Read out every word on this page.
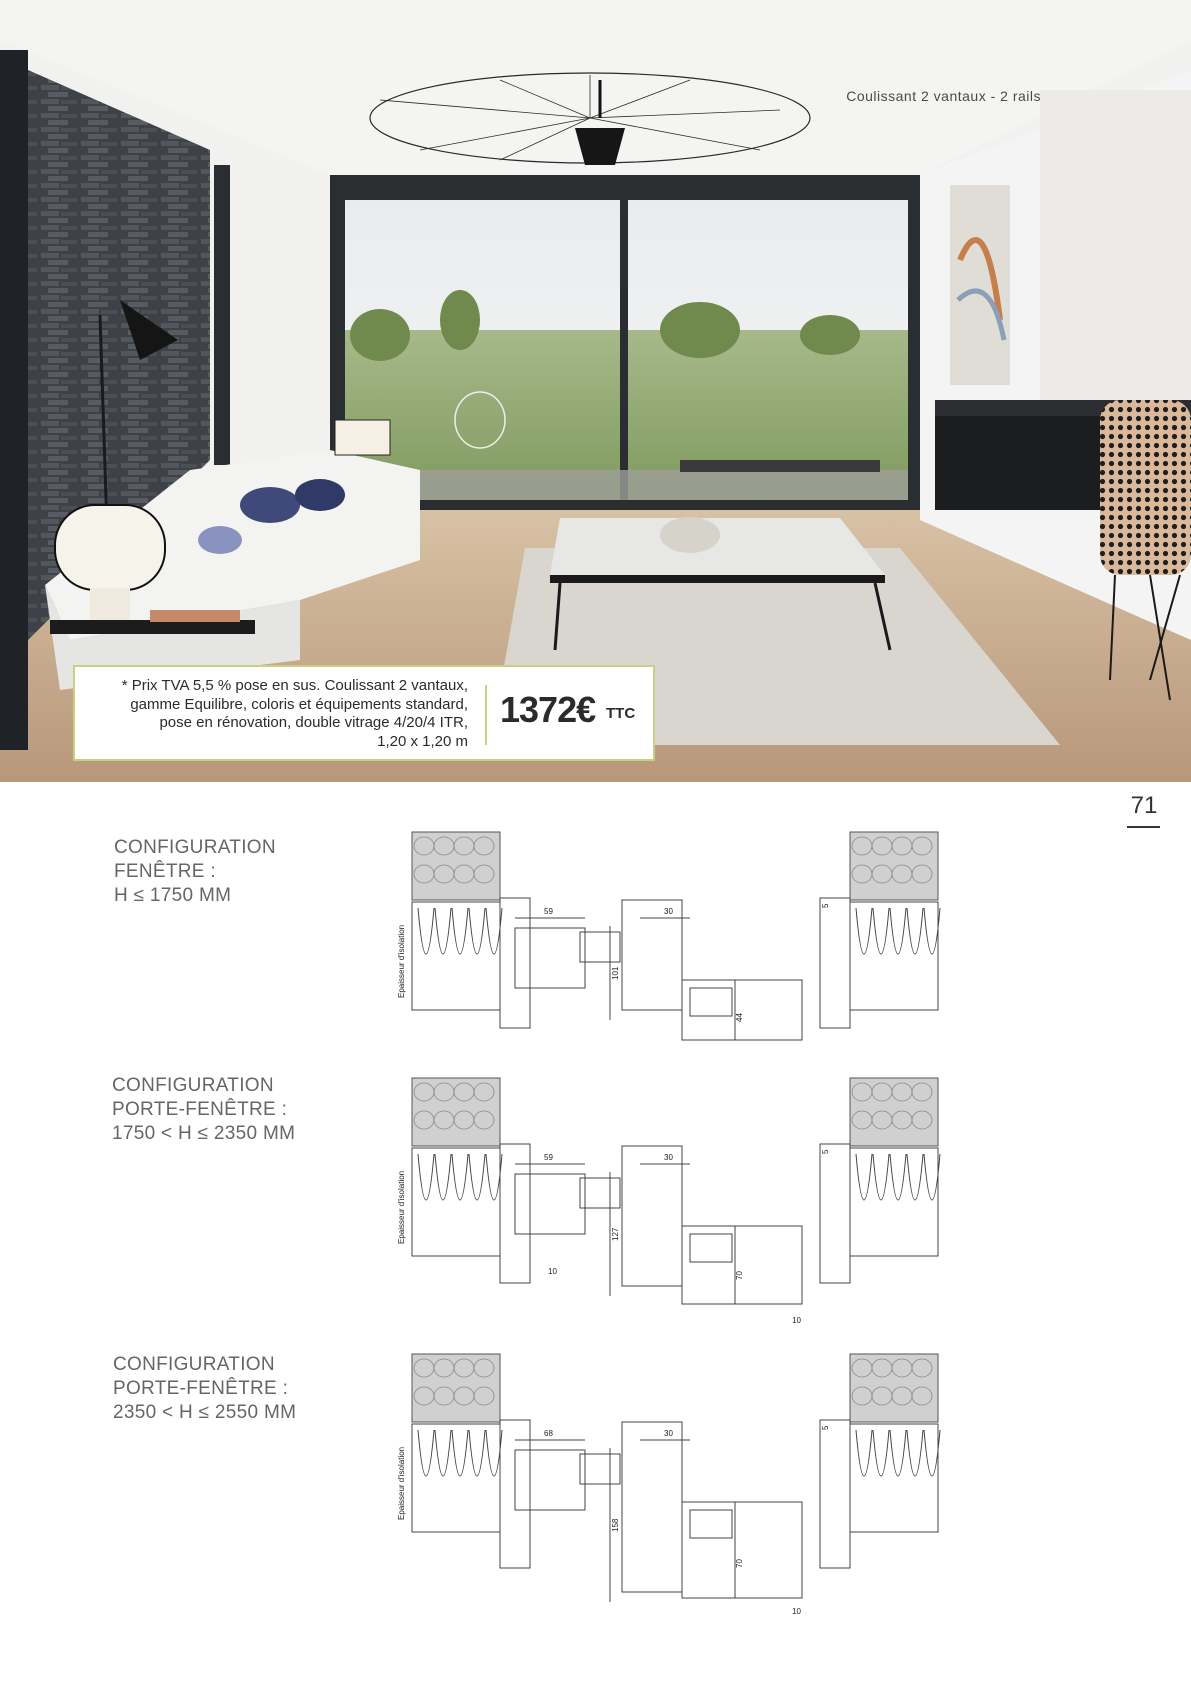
Coulissant 2 vantaux - 2 rails
* Prix TVA 5,5 % pose en sus. Coulissant 2 vantaux,
gamme Equilibre, coloris et équipements standard,
pose en rénovation, double vitrage 4/20/4 ITR,
1,20 x 1,20 m
1372€ TTC
71
CONFIGURATION
FENÊTRE :
H ≤ 1750 MM
CONFIGURATION
PORTE-FENÊTRE :
1750 < H ≤ 2350 MM
CONFIGURATION
PORTE-FENÊTRE :
2350 < H ≤ 2550 MM
59	30
5
101
44
Epaisseur d'isolation
59	30
5
127
70
10
10
Epaisseur d'isolation
68	30
5
158
70
10
Epaisseur d'isolation
